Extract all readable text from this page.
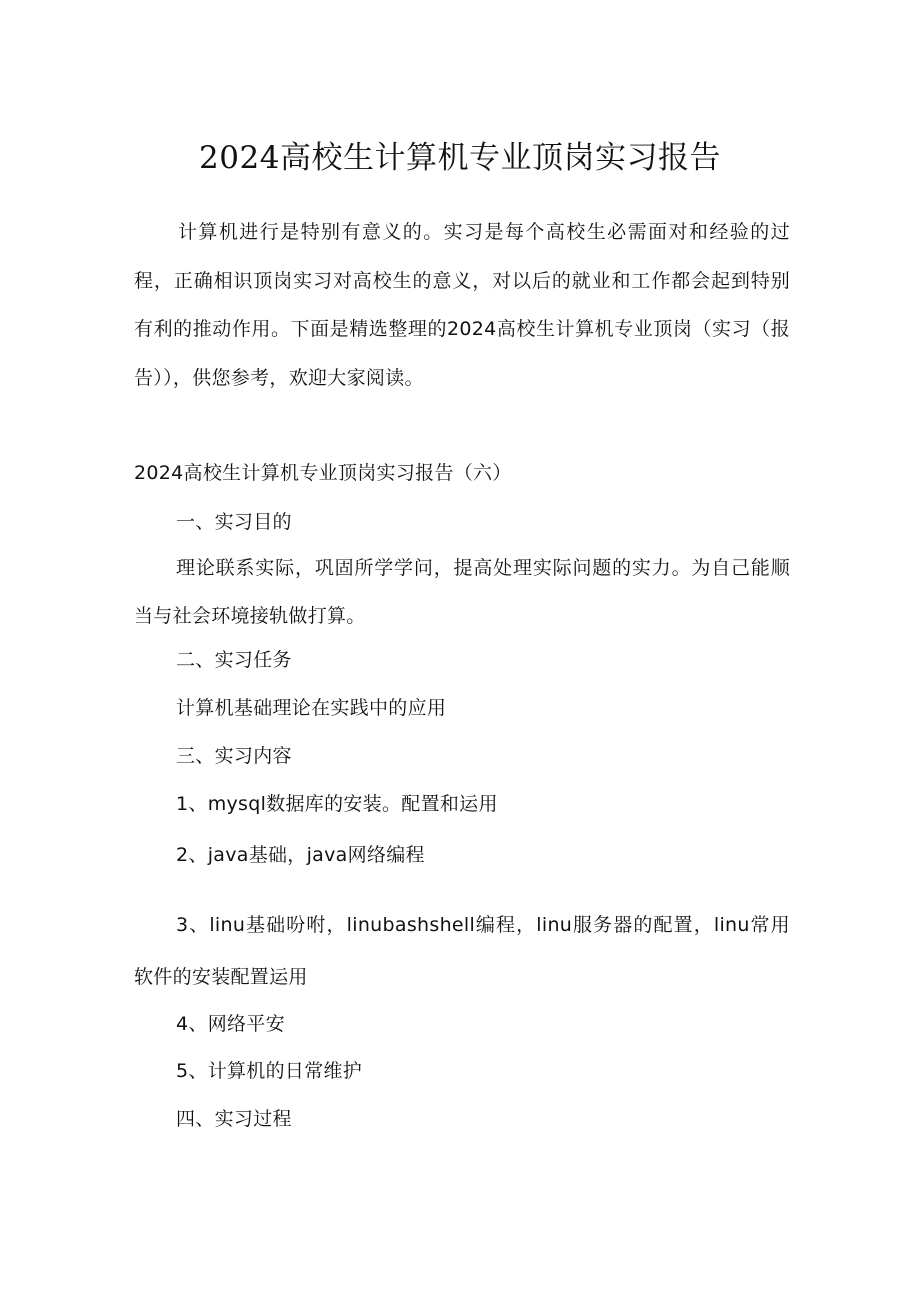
2024高校生计算机专业顶岗实习报告

计算机进行是特别有意义的。实习是每个高校生必需面对和经验的过程，正确相识顶岗实习对高校生的意义，对以后的就业和工作都会起到特别有利的推动作用。下面是精选整理的2024高校生计算机专业顶岗（实习（报告）），供您参考，欢迎大家阅读。

2024高校生计算机专业顶岗实习报告（六）

一、实习目的

理论联系实际，巩固所学学问，提高处理实际问题的实力。为自己能顺当与社会环境接轨做打算。

二、实习任务

计算机基础理论在实践中的应用

三、实习内容

1、mysql数据库的安装。配置和运用

2、java基础，java网络编程

3、linu基础吩咐，linubashshell编程，linu服务器的配置，linu常用软件的安装配置运用

4、网络平安

5、计算机的日常维护

四、实习过程
